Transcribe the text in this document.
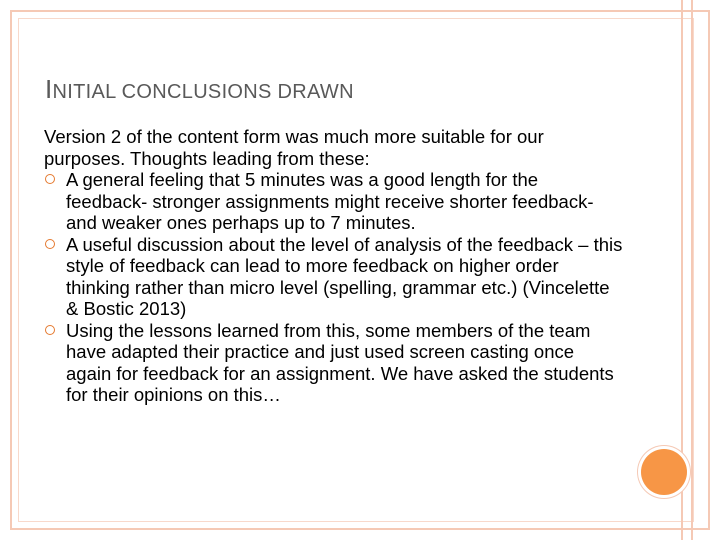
INITIAL CONCLUSIONS DRAWN

Version 2 of the content form was much more suitable for our purposes. Thoughts leading from these:

A general feeling that 5 minutes was a good length for the feedback- stronger assignments might receive shorter feedback- and weaker ones perhaps up to 7 minutes.
A useful discussion about the level of analysis of the feedback – this style of feedback can lead to more feedback on higher order thinking rather than micro level (spelling, grammar etc.) (Vincelette & Bostic 2013)
Using the lessons learned from this, some members of the team have adapted their practice and just used screen casting once again for feedback for an assignment. We have asked the students for their opinions on this…
